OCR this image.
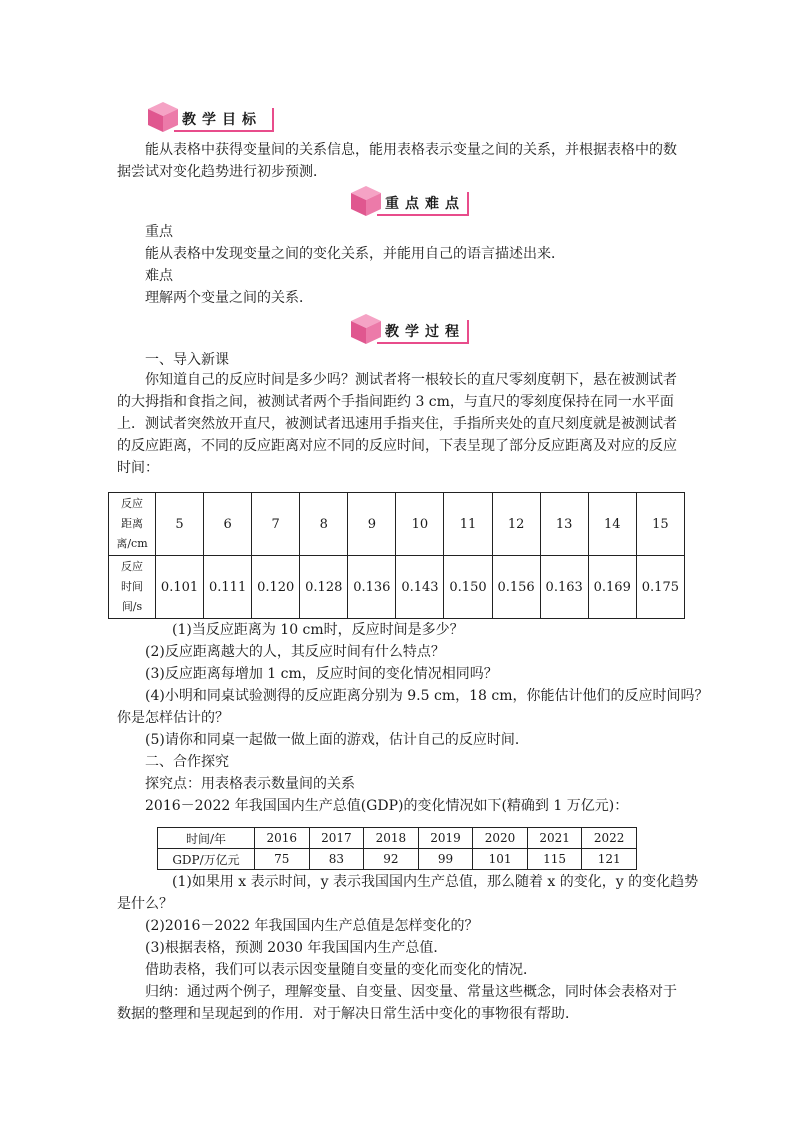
教学目标
能从表格中获得变量间的关系信息，能用表格表示变量之间的关系，并根据表格中的数
据尝试对变化趋势进行初步预测．
重点难点
重点
能从表格中发现变量之间的变化关系，并能用自己的语言描述出来．
难点
理解两个变量之间的关系．
教学过程
一、导入新课
你知道自己的反应时间是多少吗？测试者将一根较长的直尺零刻度朝下，悬在被测试者
的大拇指和食指之间，被测试者两个手指间距约 3 cm，与直尺的零刻度保持在同一水平面
上．测试者突然放开直尺，被测试者迅速用手指夹住，手指所夹处的直尺刻度就是被测试者
的反应距离，不同的反应距离对应不同的反应时间，下表呈现了部分反应距离及对应的反应
时间：
反应
距离
离/cm	5	6	7	8	9	10	11	12	13	14	15

反应
时间
间/s	0.101	0.111	0.120	0.128	0.136	0.143	0.150	0.156	0.163	0.169	0.175
(1)当反应距离为 10 cm时，反应时间是多少？
(2)反应距离越大的人，其反应时间有什么特点？
(3)反应距离每增加 1 cm，反应时间的变化情况相同吗？
(4)小明和同桌试验测得的反应距离分别为 9.5 cm，18 cm，你能估计他们的反应时间吗？
你是怎样估计的？
(5)请你和同桌一起做一做上面的游戏，估计自己的反应时间．
二、合作探究
探究点：用表格表示数量间的关系
2016－2022 年我国国内生产总值(GDP)的变化情况如下(精确到 1 万亿元)：
时间/年	2016	2017	2018	2019	2020	2021	2022
GDP/万亿元	75	83	92	99	101	115	121
(1)如果用 x 表示时间，y 表示我国国内生产总值，那么随着 x 的变化，y 的变化趋势
是什么？
(2)2016－2022 年我国国内生产总值是怎样变化的？
(3)根据表格，预测 2030 年我国国内生产总值．
借助表格，我们可以表示因变量随自变量的变化而变化的情况．
归纳：通过两个例子，理解变量、自变量、因变量、常量这些概念，同时体会表格对于
数据的整理和呈现起到的作用．对于解决日常生活中变化的事物很有帮助．
